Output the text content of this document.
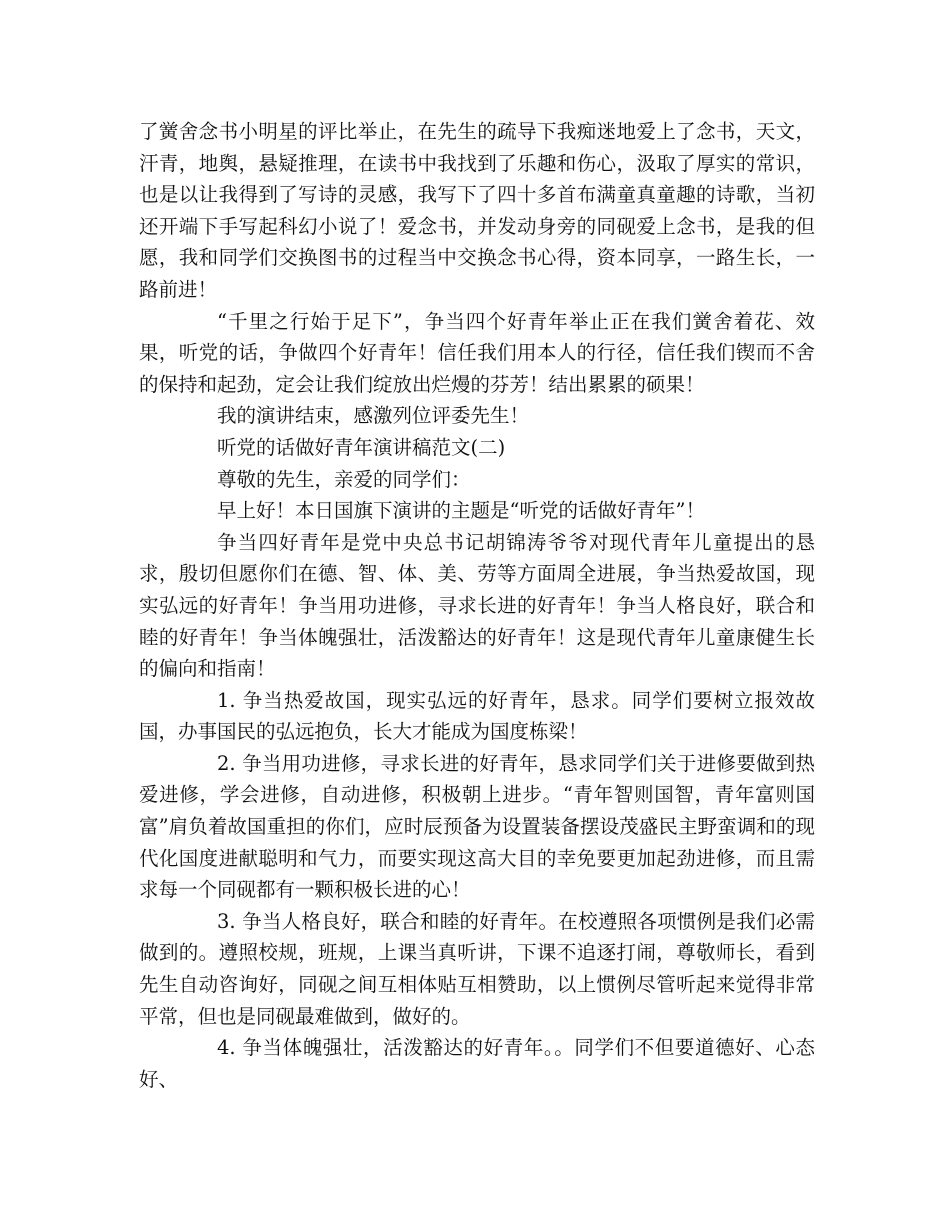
了黉舍念书小明星的评比举止，在先生的疏导下我痴迷地爱上了念书，天文，汗青，地舆，悬疑推理，在读书中我找到了乐趣和伤心，汲取了厚实的常识，也是以让我得到了写诗的灵感，我写下了四十多首布满童真童趣的诗歌，当初还开端下手写起科幻小说了！爱念书，并发动身旁的同砚爱上念书，是我的但愿，我和同学们交换图书的过程当中交换念书心得，资本同享，一路生长，一路前进！

“千里之行始于足下”，争当四个好青年举止正在我们黉舍着花、效果，听党的话，争做四个好青年！信任我们用本人的行径，信任我们锲而不舍的保持和起劲，定会让我们绽放出烂熳的芬芳！结出累累的硕果！

我的演讲结束，感激列位评委先生！

听党的话做好青年演讲稿范文(二)

尊敬的先生，亲爱的同学们：

早上好！本日国旗下演讲的主题是“听党的话做好青年”！

争当四好青年是党中央总书记胡锦涛爷爷对现代青年儿童提出的恳求，殷切但愿你们在德、智、体、美、劳等方面周全进展，争当热爱故国，现实弘远的好青年！争当用功进修，寻求长进的好青年！争当人格良好，联合和睦的好青年！争当体魄强壮，活泼豁达的好青年！这是现代青年儿童康健生长的偏向和指南！

1. 争当热爱故国，现实弘远的好青年，恳求。同学们要树立报效故国，办事国民的弘远抱负，长大才能成为国度栋梁！

2. 争当用功进修，寻求长进的好青年，恳求同学们关于进修要做到热爱进修，学会进修，自动进修，积极朝上进步。“青年智则国智，青年富则国富”肩负着故国重担的你们，应时辰预备为设置装备摆设茂盛民主野蛮调和的现代化国度进献聪明和气力，而要实现这高大目的幸免要更加起劲进修，而且需求每一个同砚都有一颗积极长进的心！

3. 争当人格良好，联合和睦的好青年。在校遵照各项惯例是我们必需做到的。遵照校规，班规，上课当真听讲，下课不追逐打闹，尊敬师长，看到先生自动咨询好，同砚之间互相体贴互相赞助，以上惯例尽管听起来觉得非常平常，但也是同砚最难做到，做好的。

4. 争当体魄强壮，活泼豁达的好青年。。同学们不但要道德好、心态好、
